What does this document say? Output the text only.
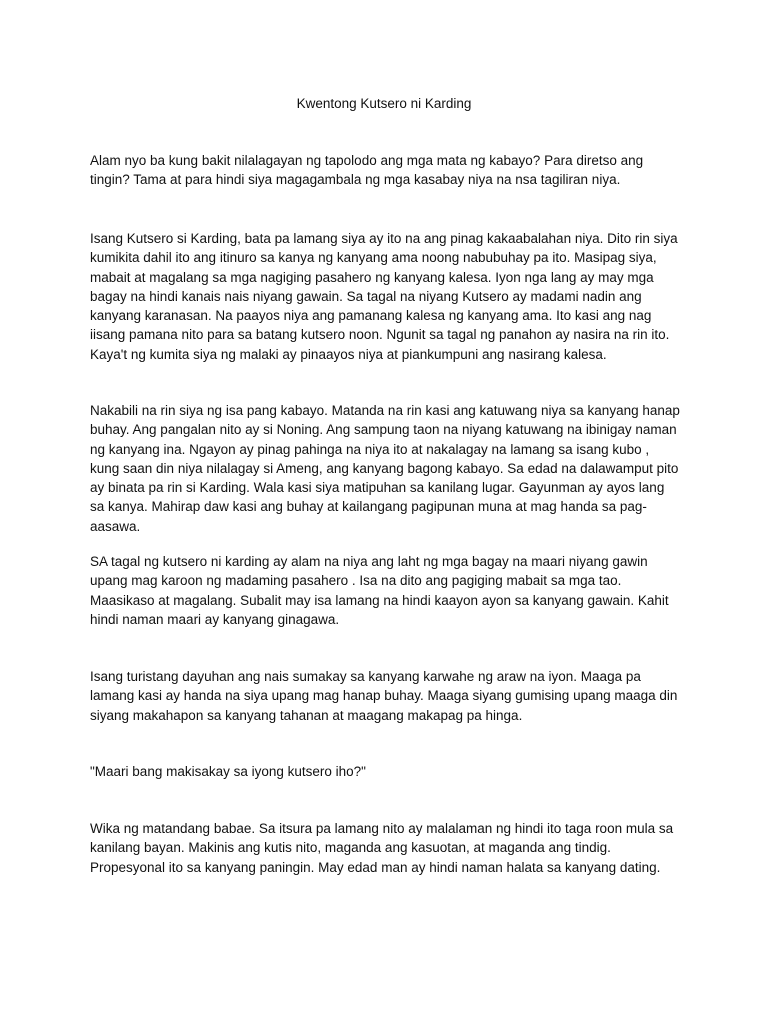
Kwentong Kutsero ni Karding

Alam nyo ba kung bakit nilalagayan ng tapolodo ang mga mata ng kabayo? Para diretso ang tingin? Tama at para hindi siya magagambala ng mga kasabay niya na nsa tagiliran niya.

Isang Kutsero si Karding, bata pa lamang siya ay ito na ang pinag kakaabalahan niya. Dito rin siya kumikita dahil ito ang itinuro sa kanya ng kanyang ama noong nabubuhay pa ito. Masipag siya, mabait at magalang sa mga nagiging pasahero ng kanyang kalesa. Iyon nga lang ay may mga bagay na hindi kanais nais niyang gawain. Sa tagal na niyang Kutsero ay madami nadin ang kanyang karanasan. Na paayos niya ang pamanang kalesa ng kanyang ama. Ito kasi ang nag iisang pamana nito para sa batang kutsero noon. Ngunit sa tagal ng panahon ay nasira na rin ito. Kaya't ng kumita siya ng malaki ay pinaayos niya at piankumpuni ang nasirang kalesa.

Nakabili na rin siya ng isa pang kabayo. Matanda na rin kasi ang katuwang niya sa kanyang hanap buhay. Ang pangalan nito ay si Noning. Ang sampung taon na niyang katuwang na ibinigay naman ng kanyang ina. Ngayon ay pinag pahinga na niya ito at nakalagay na lamang sa isang kubo , kung saan din niya nilalagay si Ameng, ang kanyang bagong kabayo. Sa edad na dalawamput pito ay binata pa rin si Karding. Wala kasi siya matipuhan sa kanilang lugar. Gayunman ay ayos lang sa kanya. Mahirap daw kasi ang buhay at kailangang pagipunan muna at mag handa sa pag-aasawa.

SA tagal ng kutsero ni karding ay alam na niya ang laht ng mga bagay na maari niyang gawin upang mag karoon ng madaming pasahero . Isa na dito ang pagiging mabait sa mga tao. Maasikaso at magalang. Subalit may isa lamang na hindi kaayon ayon sa kanyang gawain. Kahit hindi naman maari ay kanyang ginagawa.

Isang turistang dayuhan ang nais sumakay sa kanyang karwahe ng araw na iyon. Maaga pa lamang kasi ay handa na siya upang mag hanap buhay. Maaga siyang gumising upang maaga din siyang makahapon sa kanyang tahanan at maagang makapag pa hinga.

"Maari bang makisakay sa iyong kutsero iho?"

Wika ng matandang babae. Sa itsura pa lamang nito ay malalaman ng hindi ito taga roon mula sa kanilang bayan. Makinis ang kutis nito, maganda ang kasuotan, at maganda ang tindig. Propesyonal ito sa kanyang paningin. May edad man ay hindi naman halata sa kanyang dating.
